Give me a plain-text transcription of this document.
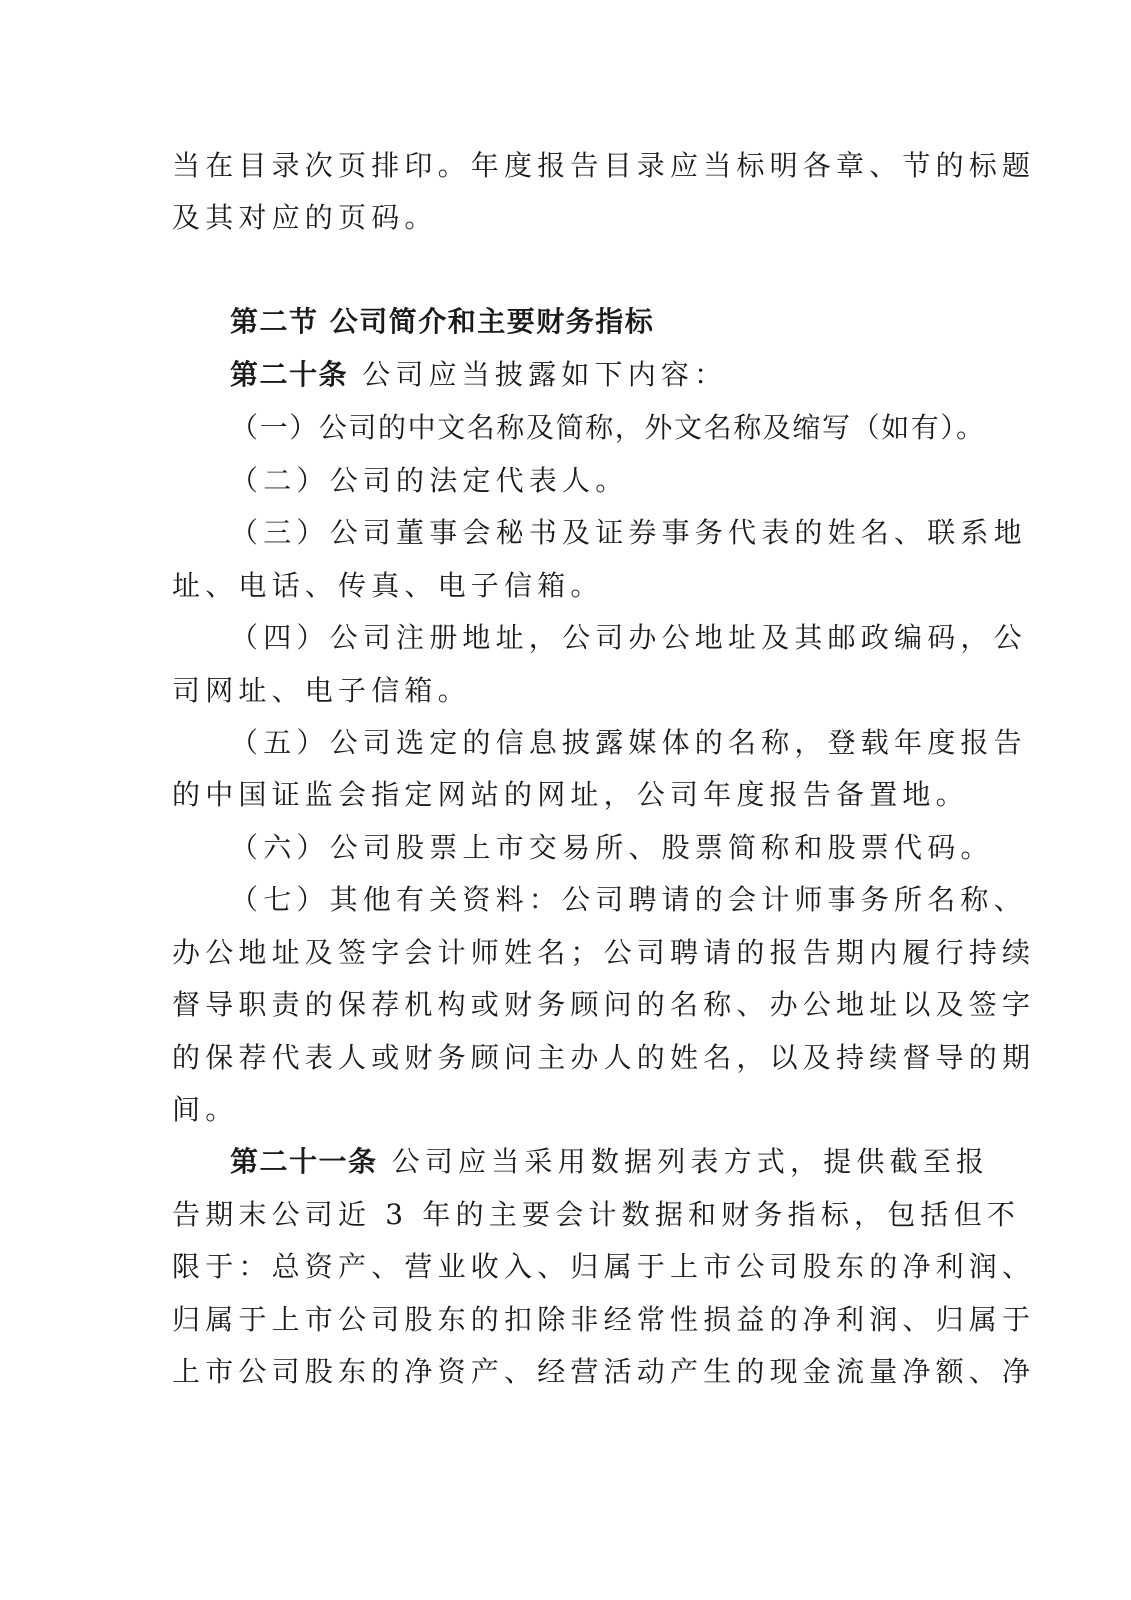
当在目录次页排印。年度报告目录应当标明各章、节的标题
及其对应的页码。
第二节 公司简介和主要财务指标
第二十条 公司应当披露如下内容：
（一）公司的中文名称及简称，外文名称及缩写（如有）。
（二）公司的法定代表人。
（三）公司董事会秘书及证券事务代表的姓名、联系地
址、电话、传真、电子信箱。
（四）公司注册地址，公司办公地址及其邮政编码，公
司网址、电子信箱。
（五）公司选定的信息披露媒体的名称，登载年度报告
的中国证监会指定网站的网址，公司年度报告备置地。
（六）公司股票上市交易所、股票简称和股票代码。
（七）其他有关资料：公司聘请的会计师事务所名称、
办公地址及签字会计师姓名；公司聘请的报告期内履行持续
督导职责的保荐机构或财务顾问的名称、办公地址以及签字
的保荐代表人或财务顾问主办人的姓名，以及持续督导的期
间。
第二十一条 公司应当采用数据列表方式，提供截至报
告期末公司近 3 年的主要会计数据和财务指标，包括但不
限于：总资产、营业收入、归属于上市公司股东的净利润、
归属于上市公司股东的扣除非经常性损益的净利润、归属于
上市公司股东的净资产、经营活动产生的现金流量净额、净
